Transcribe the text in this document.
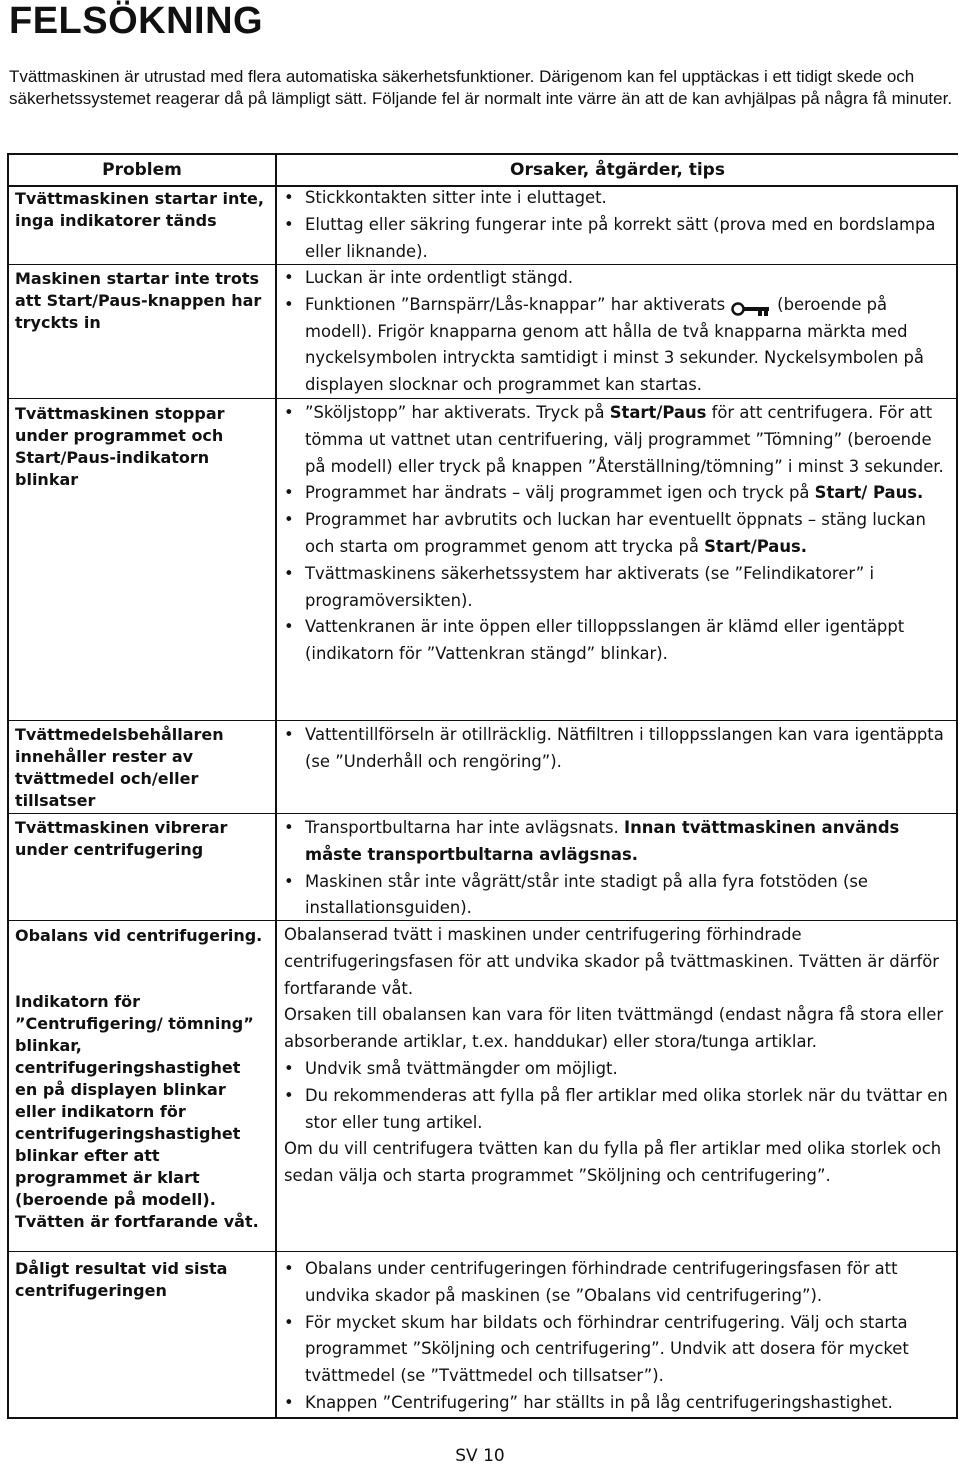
FELSÖKNING

Tvättmaskinen är utrustad med flera automatiska säkerhetsfunktioner. Därigenom kan fel upptäckas i ett tidigt skede och säkerhetssystemet reagerar då på lämpligt sätt. Följande fel är normalt inte värre än att de kan avhjälpas på några få minuter.

Problem	Orsaker, åtgärder, tips
Tvättmaskinen startar inte, inga indikatorer tänds
• Stickkontakten sitter inte i eluttaget.
• Eluttag eller säkring fungerar inte på korrekt sätt (prova med en bordslampa eller liknande).
Maskinen startar inte trots att Start/Paus-knappen har tryckts in
• Luckan är inte ordentligt stängd.
• Funktionen ”Barnspärr/Lås-knappar” har aktiverats	(beroende på modell). Frigör knapparna genom att hålla de två knapparna märkta med nyckelsymbolen intryckta samtidigt i minst 3 sekunder. Nyckelsymbolen på displayen slocknar och programmet kan startas.
Tvättmaskinen stoppar under programmet och Start/Paus-indikatorn blinkar
• ”Sköljstopp” har aktiverats. Tryck på Start/Paus för att centrifugera. För att tömma ut vattnet utan centrifuering, välj programmet ”Tömning” (beroende på modell) eller tryck på knappen ”Återställning/tömning” i minst 3 sekunder.
• Programmet har ändrats – välj programmet igen och tryck på Start/ Paus.
• Programmet har avbrutits och luckan har eventuellt öppnats – stäng luckan och starta om programmet genom att trycka på Start/Paus.
• Tvättmaskinens säkerhetssystem har aktiverats (se ”Felindikatorer” i programöversikten).
• Vattenkranen är inte öppen eller tilloppsslangen är klämd eller igentäppt (indikatorn för ”Vattenkran stängd” blinkar).
Tvättmedelsbehållaren innehåller rester av tvättmedel och/eller tillsatser
• Vattentillförseln är otillräcklig. Nätfiltren i tilloppsslangen kan vara igentäppta (se ”Underhåll och rengöring”).
Tvättmaskinen vibrerar under centrifugering
• Transportbultarna har inte avlägsnats. Innan tvättmaskinen används måste transportbultarna avlägsnas.
• Maskinen står inte vågrätt/står inte stadigt på alla fyra fotstöden (se installationsguiden).
Obalans vid centrifugering.
Indikatorn för ”Centrufigering/ tömning” blinkar, centrifugeringshastighet en på displayen blinkar eller indikatorn för centrifugeringshastighet blinkar efter att programmet är klart (beroende på modell). Tvätten är fortfarande våt.

Obalanserad tvätt i maskinen under centrifugering förhindrade centrifugeringsfasen för att undvika skador på tvättmaskinen. Tvätten är därför fortfarande våt.

Orsaken till obalansen kan vara för liten tvättmängd (endast några få stora eller absorberande artiklar, t.ex. handdukar) eller stora/tunga artiklar.

• Undvik små tvättmängder om möjligt.
• Du rekommenderas att fylla på fler artiklar med olika storlek när du tvättar en stor eller tung artikel.

Om du vill centrifugera tvätten kan du fylla på fler artiklar med olika storlek och sedan välja och starta programmet ”Sköljning och centrifugering”.

Dåligt resultat vid sista centrifugeringen
• Obalans under centrifugeringen förhindrade centrifugeringsfasen för att undvika skador på maskinen (se ”Obalans vid centrifugering”).
• För mycket skum har bildats och förhindrar centrifugering. Välj och starta programmet ”Sköljning och centrifugering”. Undvik att dosera för mycket tvättmedel (se ”Tvättmedel och tillsatser”).
• Knappen ”Centrifugering” har ställts in på låg centrifugeringshastighet.
SV 10
